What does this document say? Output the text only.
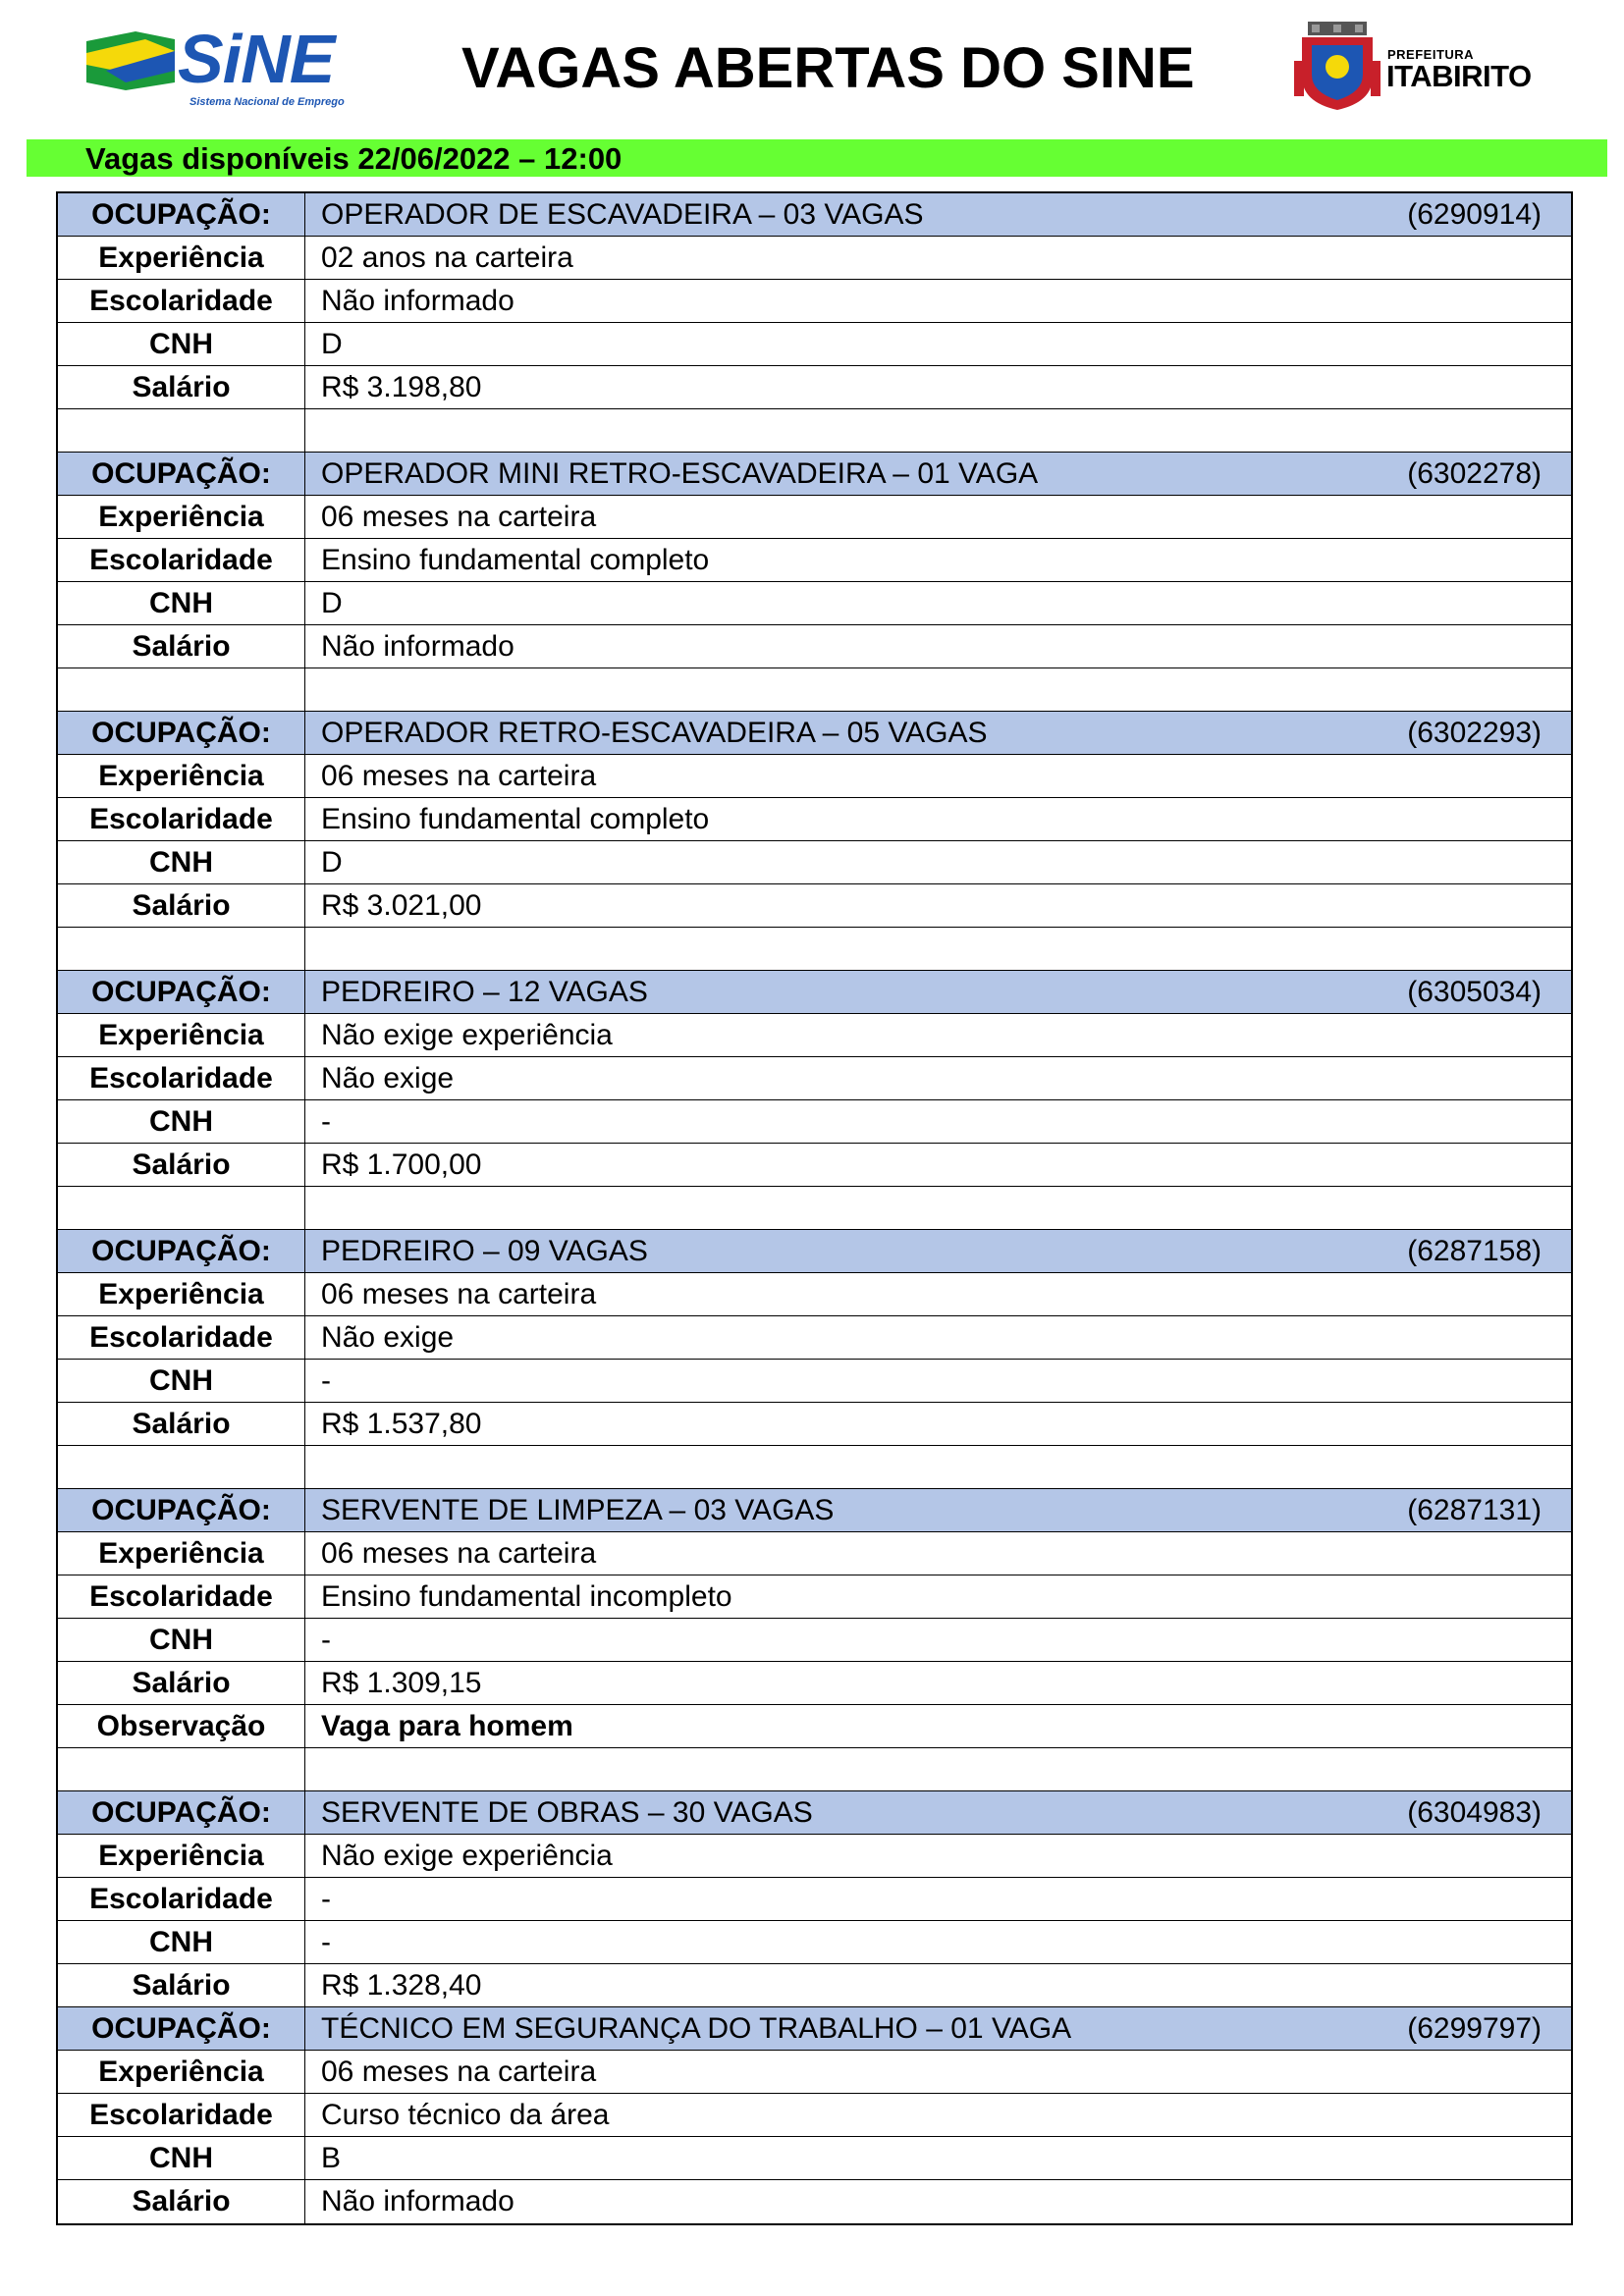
SiNE
Sistema Nacional de Emprego
VAGAS ABERTAS DO SINE	PREFEITURA
ITABIRITO
Vagas disponíveis 22/06/2022 – 12:00
OCUPAÇÃO:	OPERADOR DE ESCAVADEIRA – 03 VAGAS	(6290914)
Experiência	02 anos na carteira
Escolaridade	Não informado
CNH	D
Salário	R$ 3.198,80
OCUPAÇÃO:	OPERADOR MINI RETRO-ESCAVADEIRA – 01 VAGA	(6302278)
Experiência	06 meses na carteira
Escolaridade	Ensino fundamental completo
CNH	D
Salário	Não informado
OCUPAÇÃO:	OPERADOR RETRO-ESCAVADEIRA – 05 VAGAS	(6302293)
Experiência	06 meses na carteira
Escolaridade	Ensino fundamental completo
CNH	D
Salário	R$ 3.021,00
OCUPAÇÃO:	PEDREIRO – 12 VAGAS	(6305034)
Experiência	Não exige experiência
Escolaridade	Não exige
CNH	-
Salário	R$ 1.700,00
OCUPAÇÃO:	PEDREIRO – 09 VAGAS	(6287158)
Experiência	06 meses na carteira
Escolaridade	Não exige
CNH	-
Salário	R$ 1.537,80
OCUPAÇÃO:	SERVENTE DE LIMPEZA – 03 VAGAS	(6287131)
Experiência	06 meses na carteira
Escolaridade	Ensino fundamental incompleto
CNH	-
Salário	R$ 1.309,15
Observação	Vaga para homem
OCUPAÇÃO:	SERVENTE DE OBRAS – 30 VAGAS	(6304983)
Experiência	Não exige experiência
Escolaridade	-
CNH	-
Salário	R$ 1.328,40
OCUPAÇÃO:	TÉCNICO EM SEGURANÇA DO TRABALHO – 01 VAGA	(6299797)
Experiência	06 meses na carteira
Escolaridade	Curso técnico da área
CNH	B
Salário	Não informado
